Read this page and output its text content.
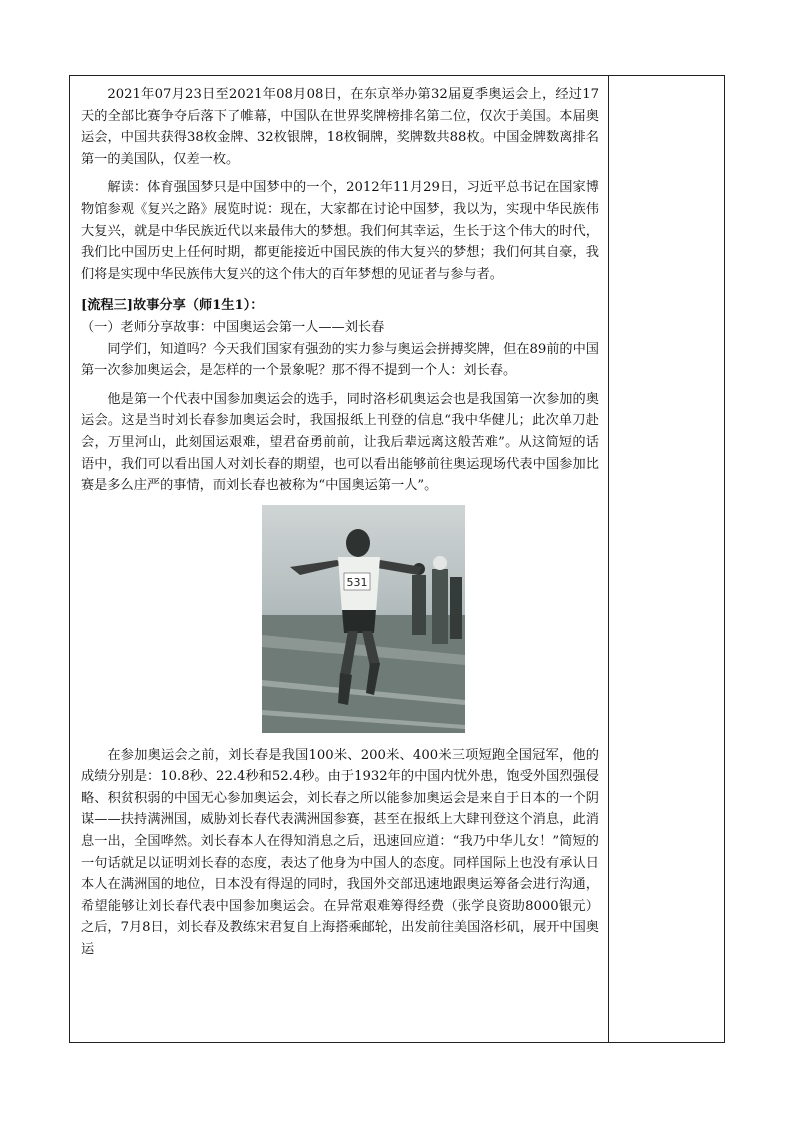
2021年07月23日至2021年08月08日，在东京举办第32届夏季奥运会上，经过17天的全部比赛争夺后落下了帷幕，中国队在世界奖牌榜排名第二位，仅次于美国。本届奥运会，中国共获得38枚金牌、32枚银牌，18枚铜牌，奖牌数共88枚。中国金牌数离排名第一的美国队，仅差一枚。

解读：体育强国梦只是中国梦中的一个，2012年11月29日，习近平总书记在国家博物馆参观《复兴之路》展览时说：现在，大家都在讨论中国梦，我以为，实现中华民族伟大复兴，就是中华民族近代以来最伟大的梦想。我们何其幸运，生长于这个伟大的时代，我们比中国历史上任何时期，都更能接近中国民族的伟大复兴的梦想；我们何其自豪，我们将是实现中华民族伟大复兴的这个伟大的百年梦想的见证者与参与者。

[流程三]故事分享（师1生1）：

（一）老师分享故事：中国奥运会第一人——刘长春

同学们，知道吗？今天我们国家有强劲的实力参与奥运会拼搏奖牌，但在89前的中国第一次参加奥运会，是怎样的一个景象呢？那不得不提到一个人：刘长春。

他是第一个代表中国参加奥运会的选手，同时洛杉矶奥运会也是我国第一次参加的奥运会。这是当时刘长春参加奥运会时，我国报纸上刊登的信息“我中华健儿；此次单刀赴会，万里河山，此刻国运艰难，望君奋勇前前，让我后辈远离这般苦难”。从这简短的话语中，我们可以看出国人对刘长春的期望，也可以看出能够前往奥运现场代表中国参加比赛是多么庄严的事情，而刘长春也被称为“中国奥运第一人”。

531

在参加奥运会之前，刘长春是我国100米、200米、400米三项短跑全国冠军，他的成绩分别是：10.8秒、22.4秒和52.4秒。由于1932年的中国内忧外患，饱受外国烈强侵略、积贫积弱的中国无心参加奥运会，刘长春之所以能参加奥运会是来自于日本的一个阴谋——扶持满洲国，威胁刘长春代表满洲国参赛，甚至在报纸上大肆刊登这个消息，此消息一出，全国哗然。刘长春本人在得知消息之后，迅速回应道：“我乃中华儿女！”简短的一句话就足以证明刘长春的态度，表达了他身为中国人的态度。同样国际上也没有承认日本人在满洲国的地位，日本没有得逞的同时，我国外交部迅速地跟奥运筹备会进行沟通，希望能够让刘长春代表中国参加奥运会。在异常艰难筹得经费（张学良资助8000银元）之后，7月8日，刘长春及教练宋君复自上海搭乘邮轮，出发前往美国洛杉矶，展开中国奥运
